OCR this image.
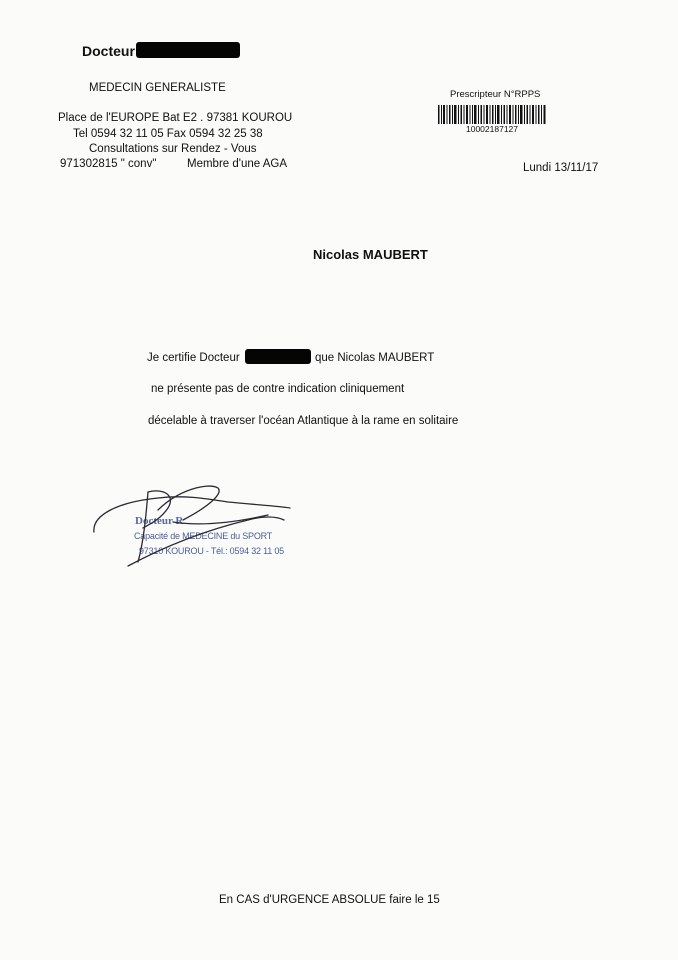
Docteur
MEDECIN GENERALISTE
Place de l'EUROPE Bat E2 . 97381 KOUROU
Tel 0594 32 11 05 Fax 0594 32 25 38
Consultations sur Rendez - Vous
971302815 " conv"	Membre d'une AGA
Prescripteur N°RPPS
10002187127
Lundi 13/11/17
Nicolas MAUBERT
Je certifie Docteur	que Nicolas MAUBERT
ne présente pas de contre indication cliniquement
décelable à traverser l'océan Atlantique à la rame en solitaire
Docteur R
Capacité de MEDECINE du SPORT
97310 KOUROU - Tél.: 0594 32 11 05
En CAS d'URGENCE ABSOLUE faire le 15
